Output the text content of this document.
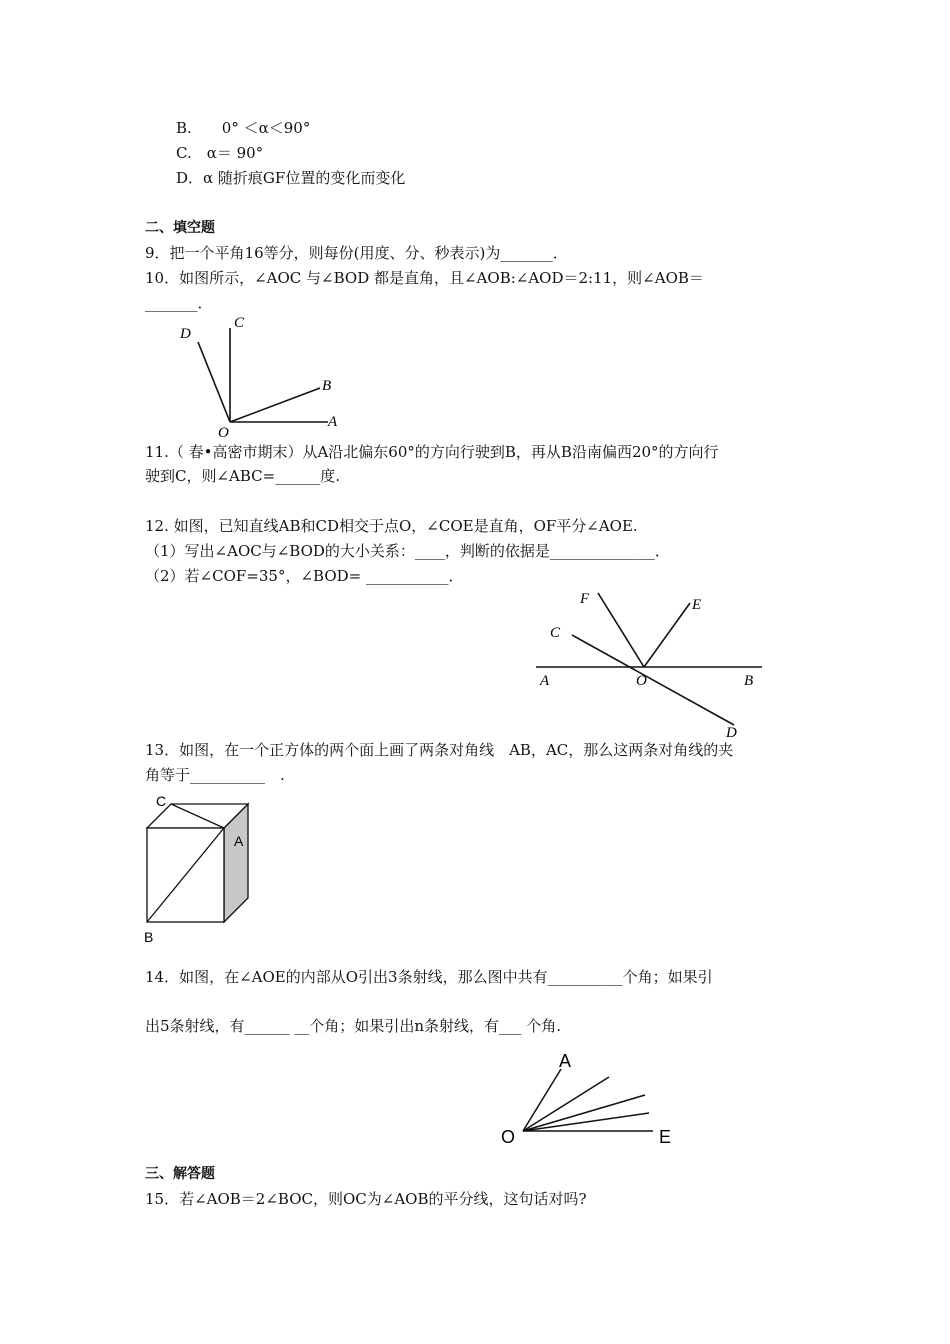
B.　　0° ＜α＜90°
C.　α＝ 90°
D．α 随折痕GF位置的变化而变化
二、填空题
9．把一个平角16等分，则每份(用度、分、秒表示)为_______．
10．如图所示，∠AOC 与∠BOD 都是直角，且∠AOB:∠AOD＝2:11，则∠AOB＝
_______．
C
D
B
A
O
11.（ 春•高密市期末）从A沿北偏东60°的方向行驶到B，再从B沿南偏西20°的方向行
驶到C，则∠ABC=______度.
12. 如图，已知直线AB和CD相交于点O，∠COE是直角，OF平分∠AOE.
（1）写出∠AOC与∠BOD的大小关系：____，判断的依据是______________．
（2）若∠COF=35°，∠BOD= ___________．
F	E
C
A	O	B
D
13．如图，在一个正方体的两个面上画了两条对角线　AB，AC，那么这两条对角线的夹
角等于__________　.
C
A
B
14．如图，在∠AOE的内部从O引出3条射线，那么图中共有__________个角；如果引
出5条射线，有______ __个角；如果引出n条射线，有___ 个角.
A
O	E
三、解答题
15．若∠AOB＝2∠BOC，则OC为∠AOB的平分线，这句话对吗?
